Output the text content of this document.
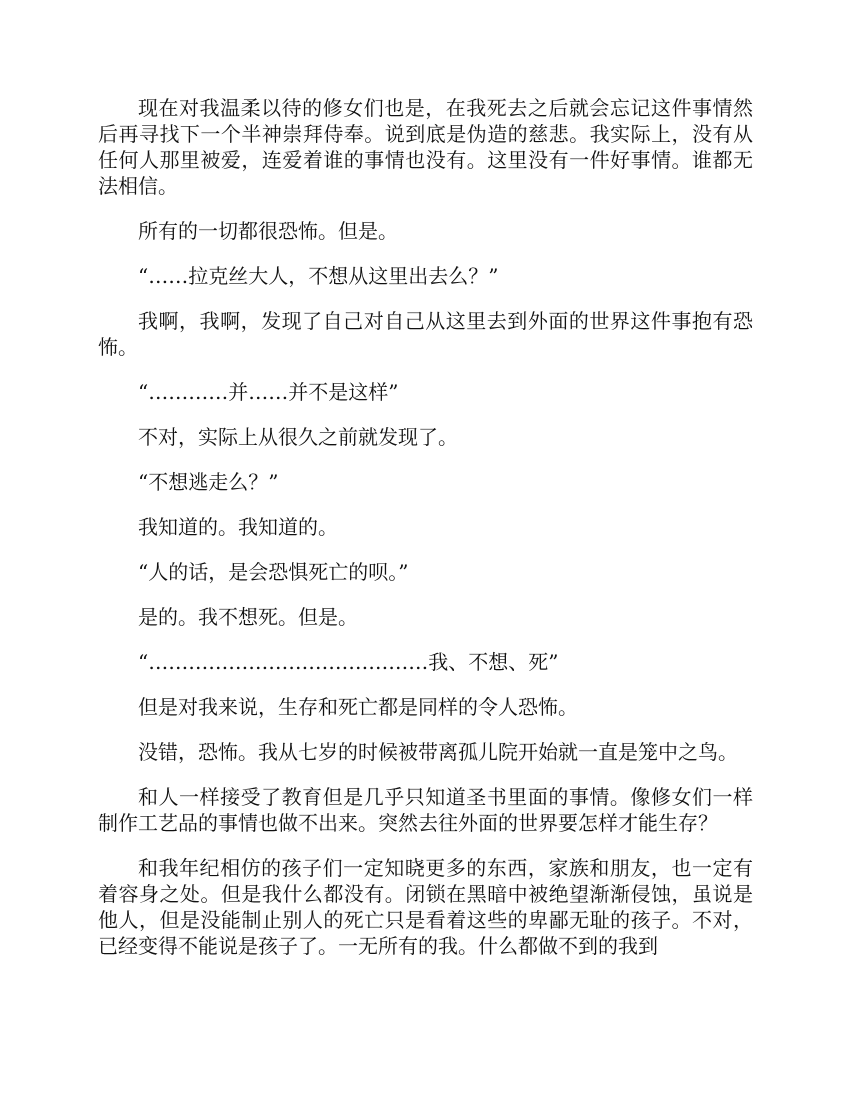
现在对我温柔以待的修女们也是，在我死去之后就会忘记这件事情然后再寻找下一个半神崇拜侍奉。说到底是伪造的慈悲。我实际上，没有从任何人那里被爱，连爱着谁的事情也没有。这里没有一件好事情。谁都无法相信。

所有的一切都很恐怖。但是。

“……拉克丝大人，不想从这里出去么？”

我啊，我啊，发现了自己对自己从这里去到外面的世界这件事抱有恐怖。

“…………并……并不是这样”

不对，实际上从很久之前就发现了。

“不想逃走么？”

我知道的。我知道的。

“人的话，是会恐惧死亡的呗。”

是的。我不想死。但是。

“……………………………………我、不想、死”

但是对我来说，生存和死亡都是同样的令人恐怖。

没错，恐怖。我从七岁的时候被带离孤儿院开始就一直是笼中之鸟。

和人一样接受了教育但是几乎只知道圣书里面的事情。像修女们一样制作工艺品的事情也做不出来。突然去往外面的世界要怎样才能生存？

和我年纪相仿的孩子们一定知晓更多的东西，家族和朋友，也一定有着容身之处。但是我什么都没有。闭锁在黑暗中被绝望渐渐侵蚀，虽说是他人，但是没能制止别人的死亡只是看着这些的卑鄙无耻的孩子。不对，已经变得不能说是孩子了。一无所有的我。什么都做不到的我到
